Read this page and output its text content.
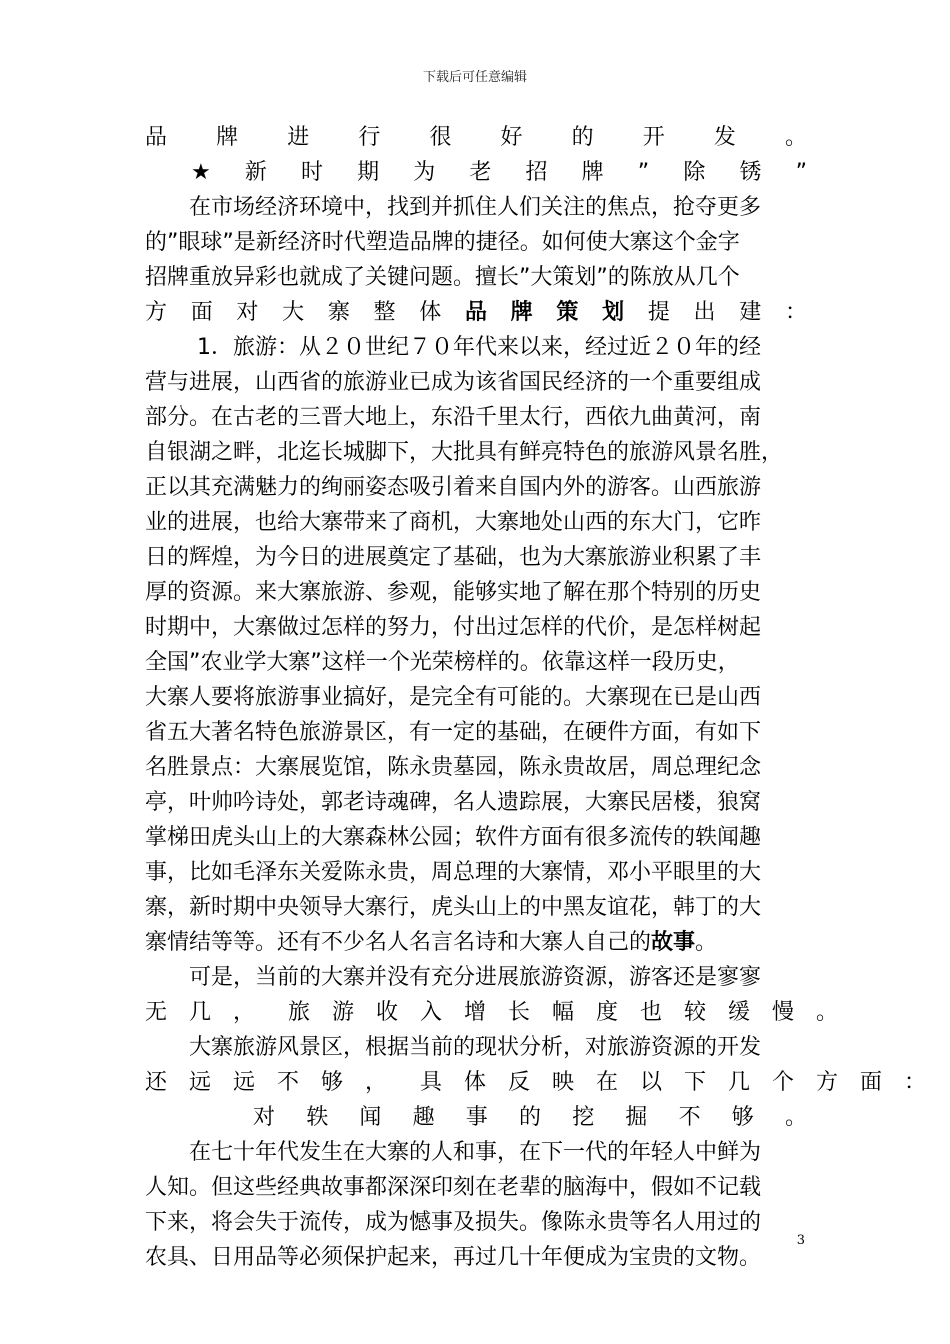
下载后可任意编辑
品　牌　进　行　很　好　的　开　发　。
★　新　时　期　为　老　招　牌　”　除　锈　”
在市场经济环境中，找到并抓住人们关注的焦点，抢夺更多
的”眼球”是新经济时代塑造品牌的捷径。如何使大寨这个金字
招牌重放异彩也就成了关键问题。擅长”大策划”的陈放从几个
方　面　对　大　寨　整　体　 品　牌　策　划　 提　出　建　：
1．旅游：从２０世纪７０年代来以来，经过近２０年的经
营与进展，山西省的旅游业已成为该省国民经济的一个重要组成
部分。在古老的三晋大地上，东沿千里太行，西依九曲黄河，南
自银湖之畔，北迄长城脚下，大批具有鲜亮特色的旅游风景名胜，
正以其充满魅力的绚丽姿态吸引着来自国内外的游客。山西旅游
业的进展，也给大寨带来了商机，大寨地处山西的东大门，它昨
日的辉煌，为今日的进展奠定了基础，也为大寨旅游业积累了丰
厚的资源。来大寨旅游、参观，能够实地了解在那个特别的历史
时期中，大寨做过怎样的努力，付出过怎样的代价，是怎样树起
全国”农业学大寨”这样一个光荣榜样的。依靠这样一段历史，
大寨人要将旅游事业搞好，是完全有可能的。大寨现在已是山西
省五大著名特色旅游景区，有一定的基础，在硬件方面，有如下
名胜景点：大寨展览馆，陈永贵墓园，陈永贵故居，周总理纪念
亭，叶帅吟诗处，郭老诗魂碑，名人遗踪展，大寨民居楼，狼窝
掌梯田虎头山上的大寨森林公园；软件方面有很多流传的轶闻趣
事，比如毛泽东关爱陈永贵，周总理的大寨情，邓小平眼里的大
寨，新时期中央领导大寨行，虎头山上的中黑友谊花，韩丁的大
寨情结等等。还有不少名人名言名诗和大寨人自己的故事。
可是，当前的大寨并没有充分进展旅游资源，游客还是寥寥
无　几　，　　旅　游　收　入　增　长　幅　度　也　较　缓　慢　。
大寨旅游风景区，根据当前的现状分析，对旅游资源的开发
还　远　远　不　够　，　　具　体　反　映　在　以　下　几　个　方　面　：
对　轶　闻　趣　事　的　挖　掘　不　够　。
在七十年代发生在大寨的人和事，在下一代的年轻人中鲜为
人知。但这些经典故事都深深印刻在老辈的脑海中，假如不记载
下来，将会失于流传，成为憾事及损失。像陈永贵等名人用过的
农具、日用品等必须保护起来，再过几十年便成为宝贵的文物。
3
